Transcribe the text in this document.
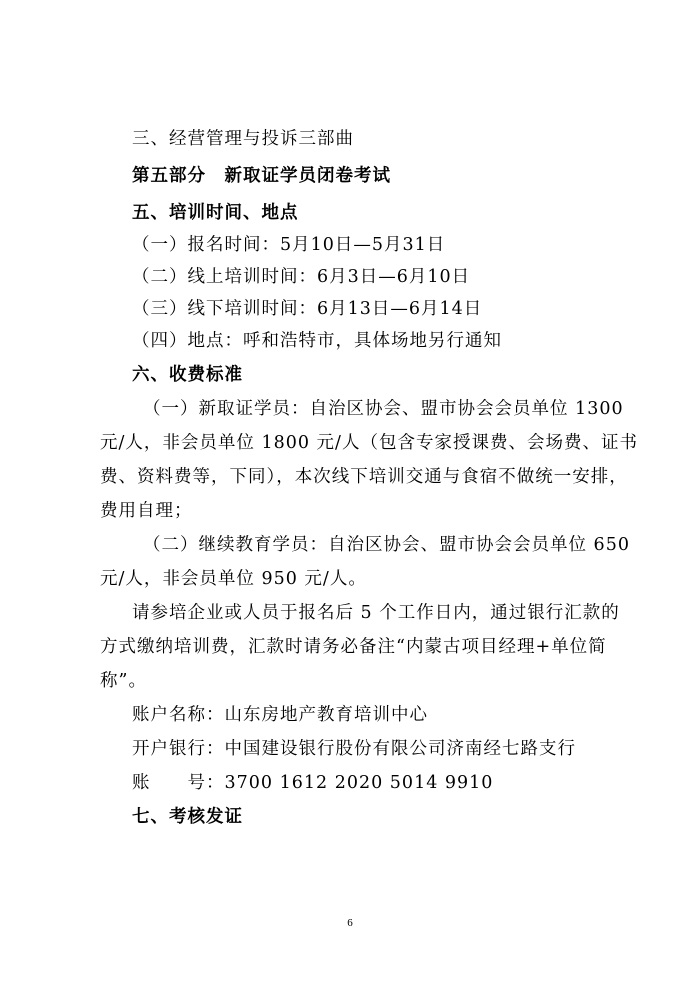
三、经营管理与投诉三部曲
第五部分　新取证学员闭卷考试
五、培训时间、地点
（一）报名时间：5月10日—5月31日
（二）线上培训时间：6月3日—6月10日
（三）线下培训时间：6月13日—6月14日
（四）地点：呼和浩特市，具体场地另行通知
六、收费标准
（一）新取证学员：自治区协会、盟市协会会员单位 1300
元/人，非会员单位 1800 元/人（包含专家授课费、会场费、证书
费、资料费等，下同），本次线下培训交通与食宿不做统一安排，
费用自理；
（二）继续教育学员：自治区协会、盟市协会会员单位 650
元/人，非会员单位 950 元/人。
请参培企业或人员于报名后 5 个工作日内，通过银行汇款的
方式缴纳培训费，汇款时请务必备注“内蒙古项目经理+单位简
称”。
账户名称：山东房地产教育培训中心
开户银行：中国建设银行股份有限公司济南经七路支行
账　　号：3700 1612 2020 5014 9910
七、考核发证
6
